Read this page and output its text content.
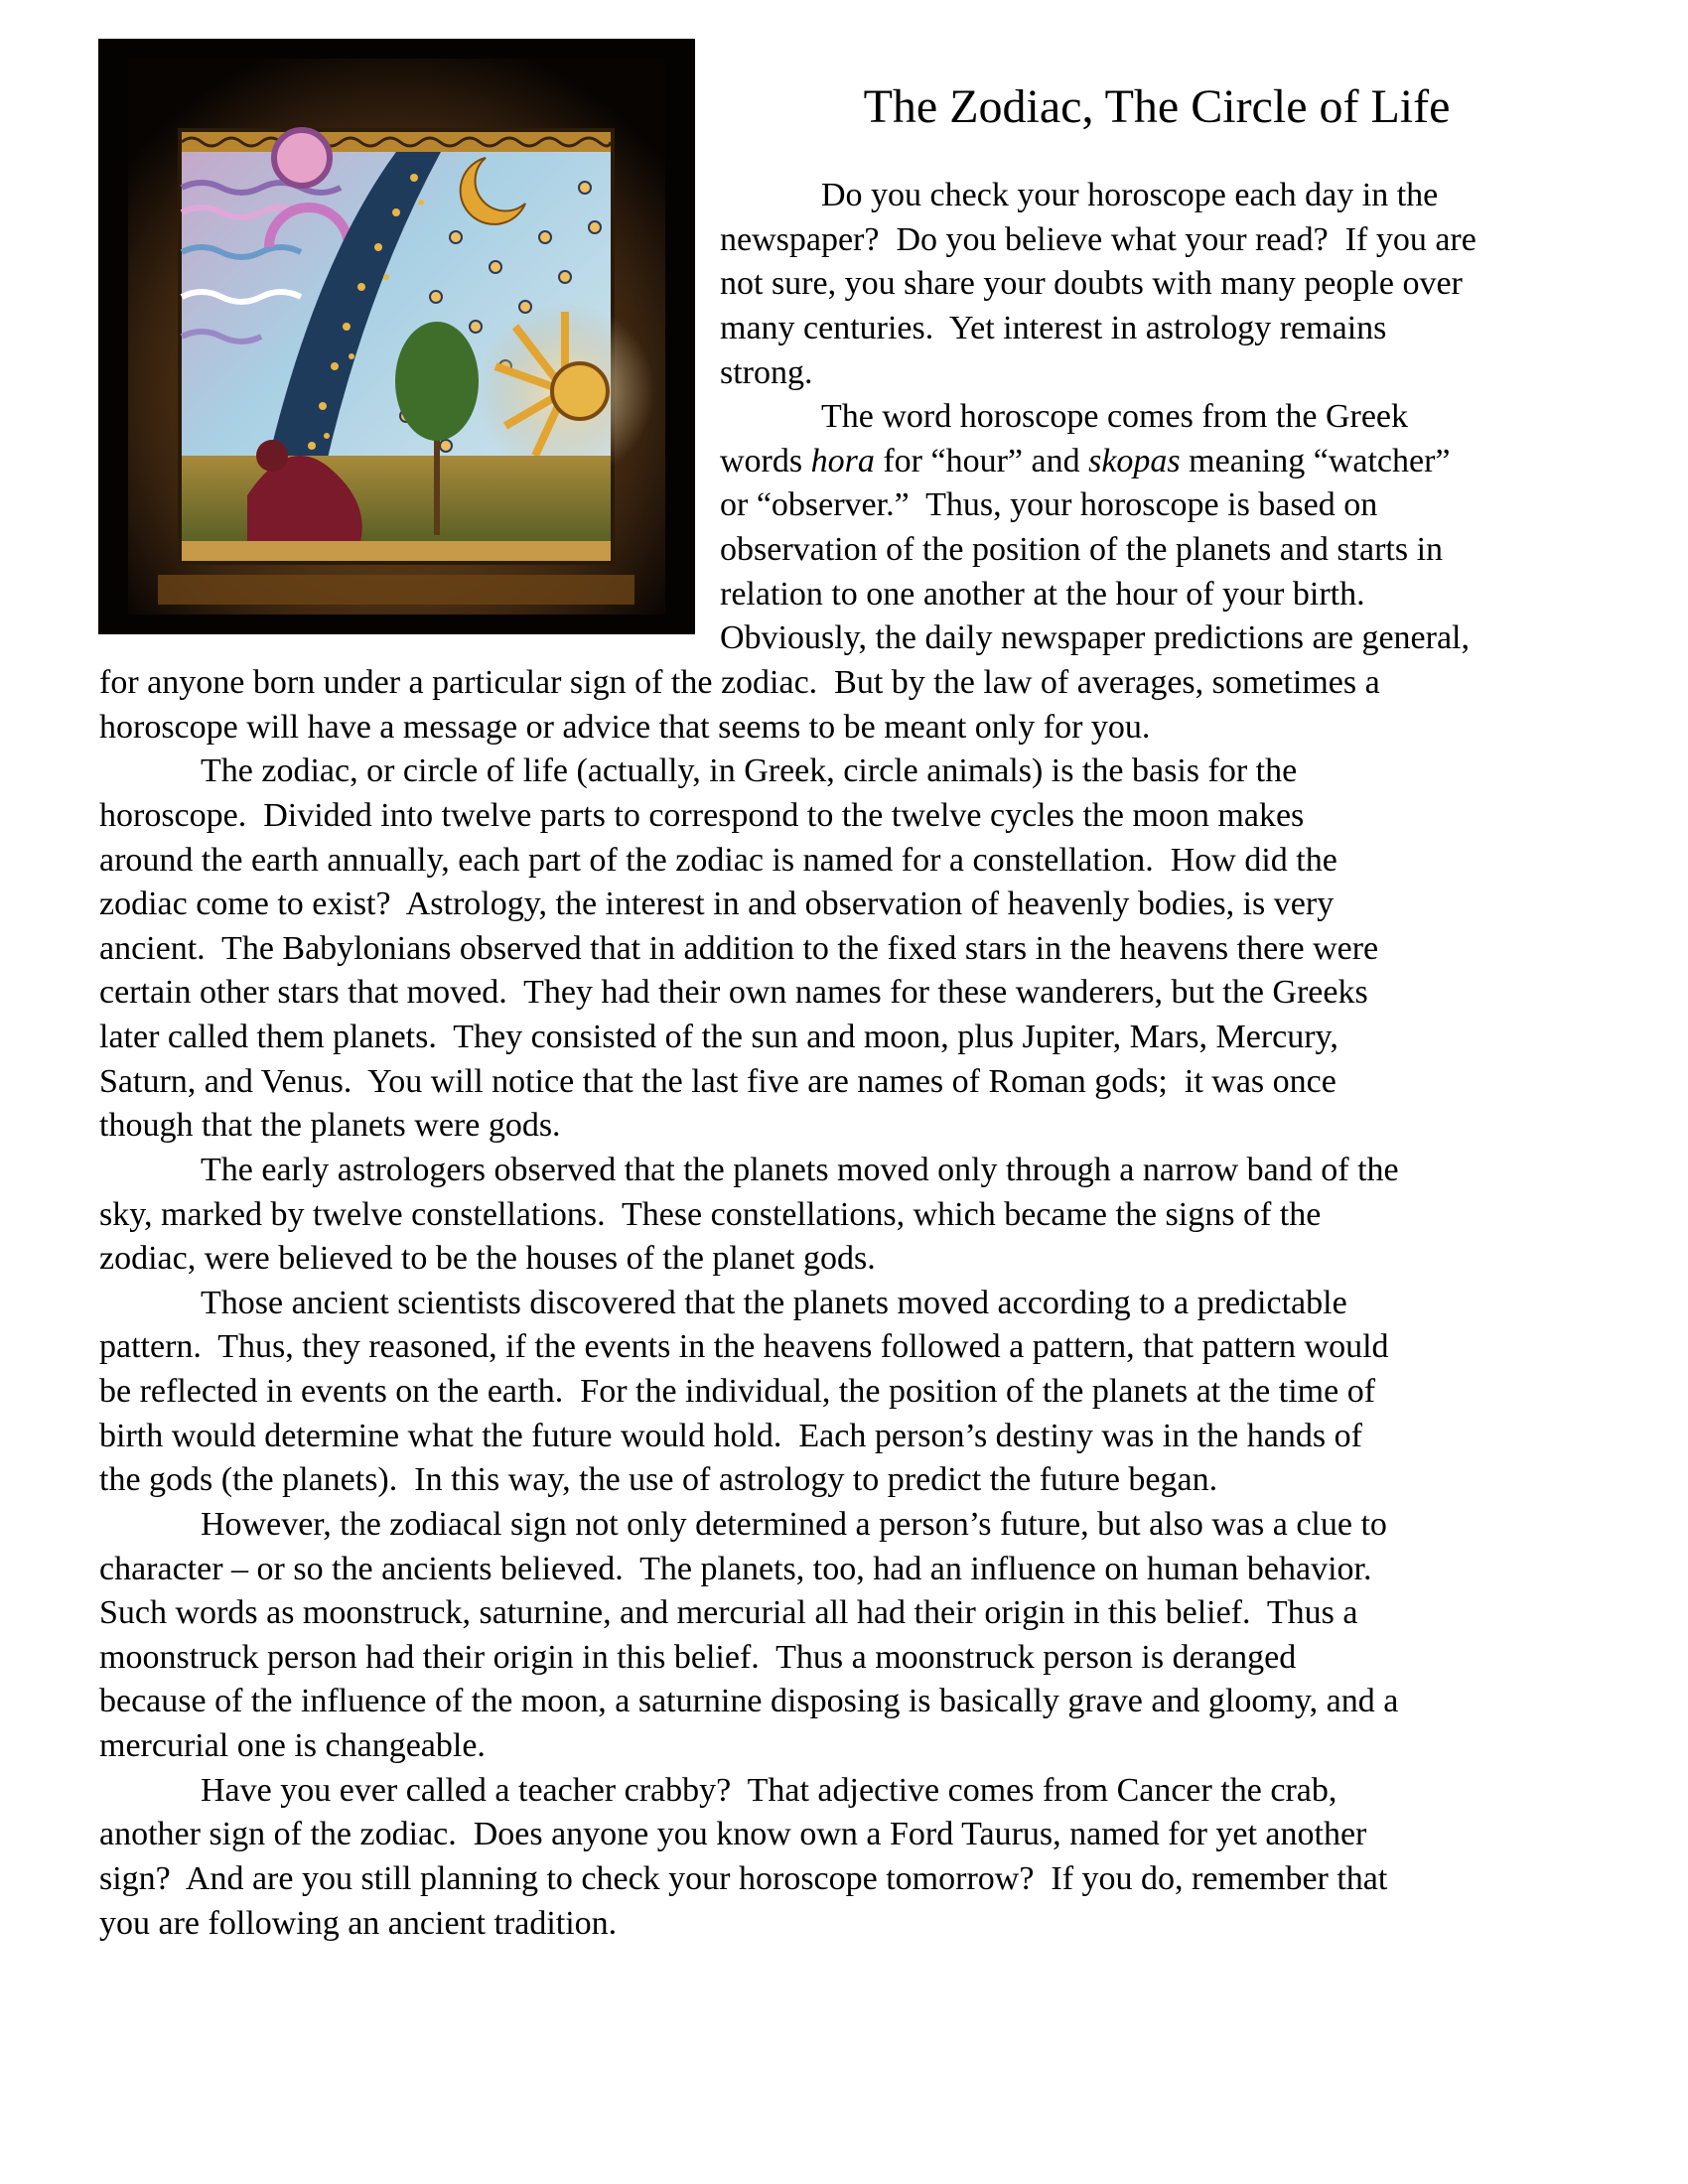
The Zodiac, The Circle of Life
Do you check your horoscope each day in the
newspaper?  Do you believe what your read?  If you are
not sure, you share your doubts with many people over
many centuries.  Yet interest in astrology remains
strong.
The word horoscope comes from the Greek
words hora for “hour” and skopas meaning “watcher”
or “observer.”  Thus, your horoscope is based on
observation of the position of the planets and starts in
relation to one another at the hour of your birth.
Obviously, the daily newspaper predictions are general,
for anyone born under a particular sign of the zodiac.  But by the law of averages, sometimes a
horoscope will have a message or advice that seems to be meant only for you.
The zodiac, or circle of life (actually, in Greek, circle animals) is the basis for the
horoscope.  Divided into twelve parts to correspond to the twelve cycles the moon makes
around the earth annually, each part of the zodiac is named for a constellation.  How did the
zodiac come to exist?  Astrology, the interest in and observation of heavenly bodies, is very
ancient.  The Babylonians observed that in addition to the fixed stars in the heavens there were
certain other stars that moved.  They had their own names for these wanderers, but the Greeks
later called them planets.  They consisted of the sun and moon, plus Jupiter, Mars, Mercury,
Saturn, and Venus.  You will notice that the last five are names of Roman gods;  it was once
though that the planets were gods.
The early astrologers observed that the planets moved only through a narrow band of the
sky, marked by twelve constellations.  These constellations, which became the signs of the
zodiac, were believed to be the houses of the planet gods.
Those ancient scientists discovered that the planets moved according to a predictable
pattern.  Thus, they reasoned, if the events in the heavens followed a pattern, that pattern would
be reflected in events on the earth.  For the individual, the position of the planets at the time of
birth would determine what the future would hold.  Each person’s destiny was in the hands of
the gods (the planets).  In this way, the use of astrology to predict the future began.
However, the zodiacal sign not only determined a person’s future, but also was a clue to
character – or so the ancients believed.  The planets, too, had an influence on human behavior.
Such words as moonstruck, saturnine, and mercurial all had their origin in this belief.  Thus a
moonstruck person had their origin in this belief.  Thus a moonstruck person is deranged
because of the influence of the moon, a saturnine disposing is basically grave and gloomy, and a
mercurial one is changeable.
Have you ever called a teacher crabby?  That adjective comes from Cancer the crab,
another sign of the zodiac.  Does anyone you know own a Ford Taurus, named for yet another
sign?  And are you still planning to check your horoscope tomorrow?  If you do, remember that
you are following an ancient tradition.
